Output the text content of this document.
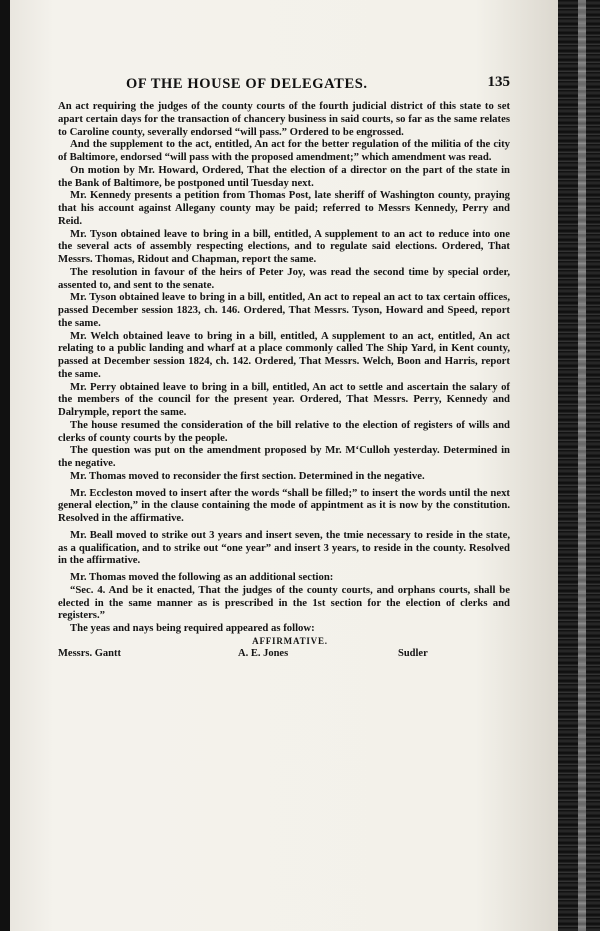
OF THE HOUSE OF DELEGATES.	135

An act requiring the judges of the county courts of the fourth judicial district of this state to set apart certain days for the transaction of chancery business in said courts, so far as the same relates to Caroline county, severally endorsed “will pass.” Ordered to be engrossed.

And the supplement to the act, entitled, An act for the better regulation of the militia of the city of Baltimore, endorsed “will pass with the proposed amendment;” which amendment was read.

On motion by Mr. Howard, Ordered, That the election of a director on the part of the state in the Bank of Baltimore, be postponed until Tuesday next.

Mr. Kennedy presents a petition from Thomas Post, late sheriff of Washington county, praying that his account against Allegany county may be paid; referred to Messrs Kennedy, Perry and Reid.

Mr. Tyson obtained leave to bring in a bill, entitled, A supplement to an act to reduce into one the several acts of assembly respecting elections, and to regulate said elections. Ordered, That Messrs. Thomas, Ridout and Chapman, report the same.

The resolution in favour of the heirs of Peter Joy, was read the second time by special order, assented to, and sent to the senate.

Mr. Tyson obtained leave to bring in a bill, entitled, An act to repeal an act to tax certain offices, passed December session 1823, ch. 146. Ordered, That Messrs. Tyson, Howard and Speed, report the same.

Mr. Welch obtained leave to bring in a bill, entitled, A supplement to an act, entitled, An act relating to a public landing and wharf at a place commonly called The Ship Yard, in Kent county, passed at December session 1824, ch. 142. Ordered, That Messrs. Welch, Boon and Harris, report the same.

Mr. Perry obtained leave to bring in a bill, entitled, An act to settle and ascertain the salary of the members of the council for the present year. Ordered, That Messrs. Perry, Kennedy and Dalrymple, report the same.

The house resumed the consideration of the bill relative to the election of registers of wills and clerks of county courts by the people.

The question was put on the amendment proposed by Mr. M‘Culloh yesterday. Determined in the negative.

Mr. Thomas moved to reconsider the first section. Determined in the negative.

Mr. Eccleston moved to insert after the words “shall be filled;” to insert the words until the next general election,” in the clause containing the mode of appintment as it is now by the constitution. Resolved in the affirmative.

Mr. Beall moved to strike out 3 years and insert seven, the tmie necessary to reside in the state, as a qualification, and to strike out “one year” and insert 3 years, to reside in the county. Resolved in the affirmative.

Mr. Thomas moved the following as an additional section:

“Sec. 4. And be it enacted, That the judges of the county courts, and orphans courts, shall be elected in the same manner as is prescribed in the 1st section for the election of clerks and registers.”

The yeas and nays being required appeared as follow:

AFFIRMATIVE.

Messrs. Gantt	A. E. Jones	Sudler
